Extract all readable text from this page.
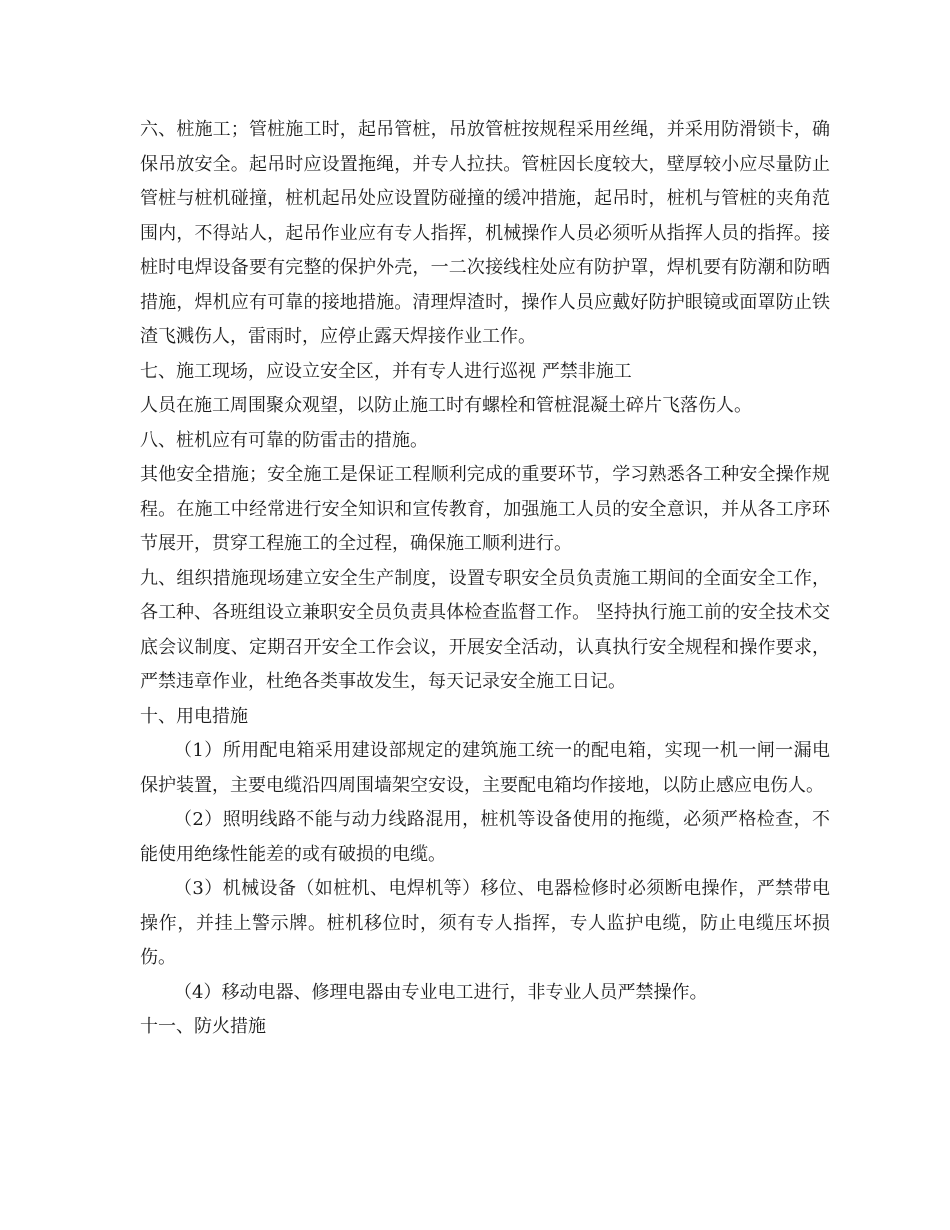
六、桩施工；管桩施工时，起吊管桩，吊放管桩按规程采用丝绳，并采用防滑锁卡，确保吊放安全。起吊时应设置拖绳，并专人拉扶。管桩因长度较大，壁厚较小应尽量防止管桩与桩机碰撞，桩机起吊处应设置防碰撞的缓冲措施，起吊时，桩机与管桩的夹角范围内，不得站人，起吊作业应有专人指挥，机械操作人员必须听从指挥人员的指挥。接桩时电焊设备要有完整的保护外壳，一二次接线柱处应有防护罩，焊机要有防潮和防晒措施，焊机应有可靠的接地措施。清理焊渣时，操作人员应戴好防护眼镜或面罩防止铁渣飞溅伤人，雷雨时，应停止露天焊接作业工作。

七、施工现场，应设立安全区，并有专人进行巡视 严禁非施工

人员在施工周围聚众观望，以防止施工时有螺栓和管桩混凝土碎片飞落伤人。

八、桩机应有可靠的防雷击的措施。

其他安全措施；安全施工是保证工程顺利完成的重要环节，学习熟悉各工种安全操作规程。在施工中经常进行安全知识和宣传教育，加强施工人员的安全意识，并从各工序环节展开，贯穿工程施工的全过程，确保施工顺利进行。

九、组织措施现场建立安全生产制度，设置专职安全员负责施工期间的全面安全工作，各工种、各班组设立兼职安全员负责具体检查监督工作。 坚持执行施工前的安全技术交底会议制度、定期召开安全工作会议，开展安全活动，认真执行安全规程和操作要求，严禁违章作业，杜绝各类事故发生，每天记录安全施工日记。

十、用电措施

（1）所用配电箱采用建设部规定的建筑施工统一的配电箱，实现一机一闸一漏电保护装置，主要电缆沿四周围墙架空安设，主要配电箱均作接地，以防止感应电伤人。

（2）照明线路不能与动力线路混用，桩机等设备使用的拖缆，必须严格检查，不能使用绝缘性能差的或有破损的电缆。

（3）机械设备（如桩机、电焊机等）移位、电器检修时必须断电操作，严禁带电操作，并挂上警示牌。桩机移位时，须有专人指挥，专人监护电缆，防止电缆压坏损伤。

（4）移动电器、修理电器由专业电工进行，非专业人员严禁操作。

十一、防火措施
